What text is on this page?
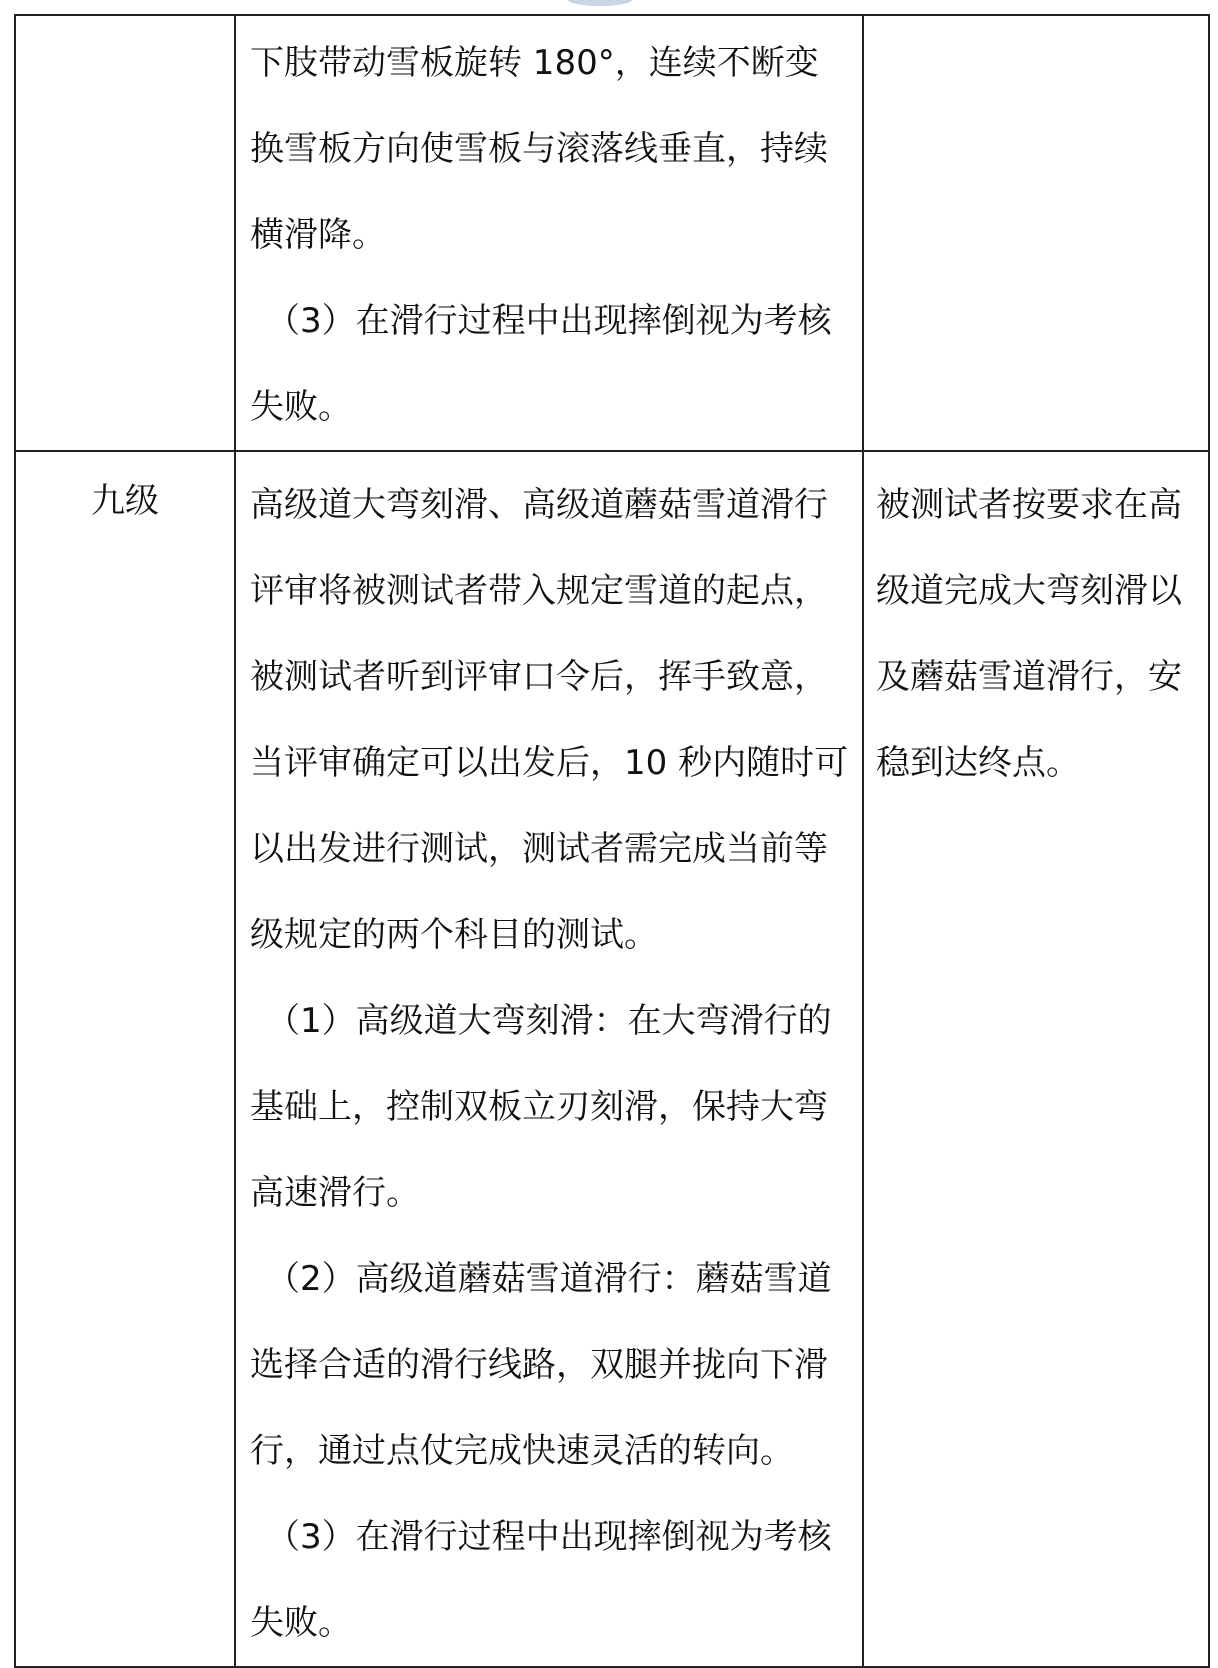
	下肢带动雪板旋转 180°，连续不断变换雪板方向使雪板与滚落线垂直，持续横滑降。

（3）在滑行过程中出现摔倒视为考核失败。	

九级	高级道大弯刻滑、高级道蘑菇雪道滑行

评审将被测试者带入规定雪道的起点，被测试者听到评审口令后，挥手致意，当评审确定可以出发后，10 秒内随时可以出发进行测试，测试者需完成当前等级规定的两个科目的测试。

（1）高级道大弯刻滑：在大弯滑行的基础上，控制双板立刃刻滑，保持大弯高速滑行。

（2）高级道蘑菇雪道滑行：蘑菇雪道选择合适的滑行线路，双腿并拢向下滑行，通过点仗完成快速灵活的转向。

（3）在滑行过程中出现摔倒视为考核失败。	被测试者按要求在高级道完成大弯刻滑以及蘑菇雪道滑行，安稳到达终点。
